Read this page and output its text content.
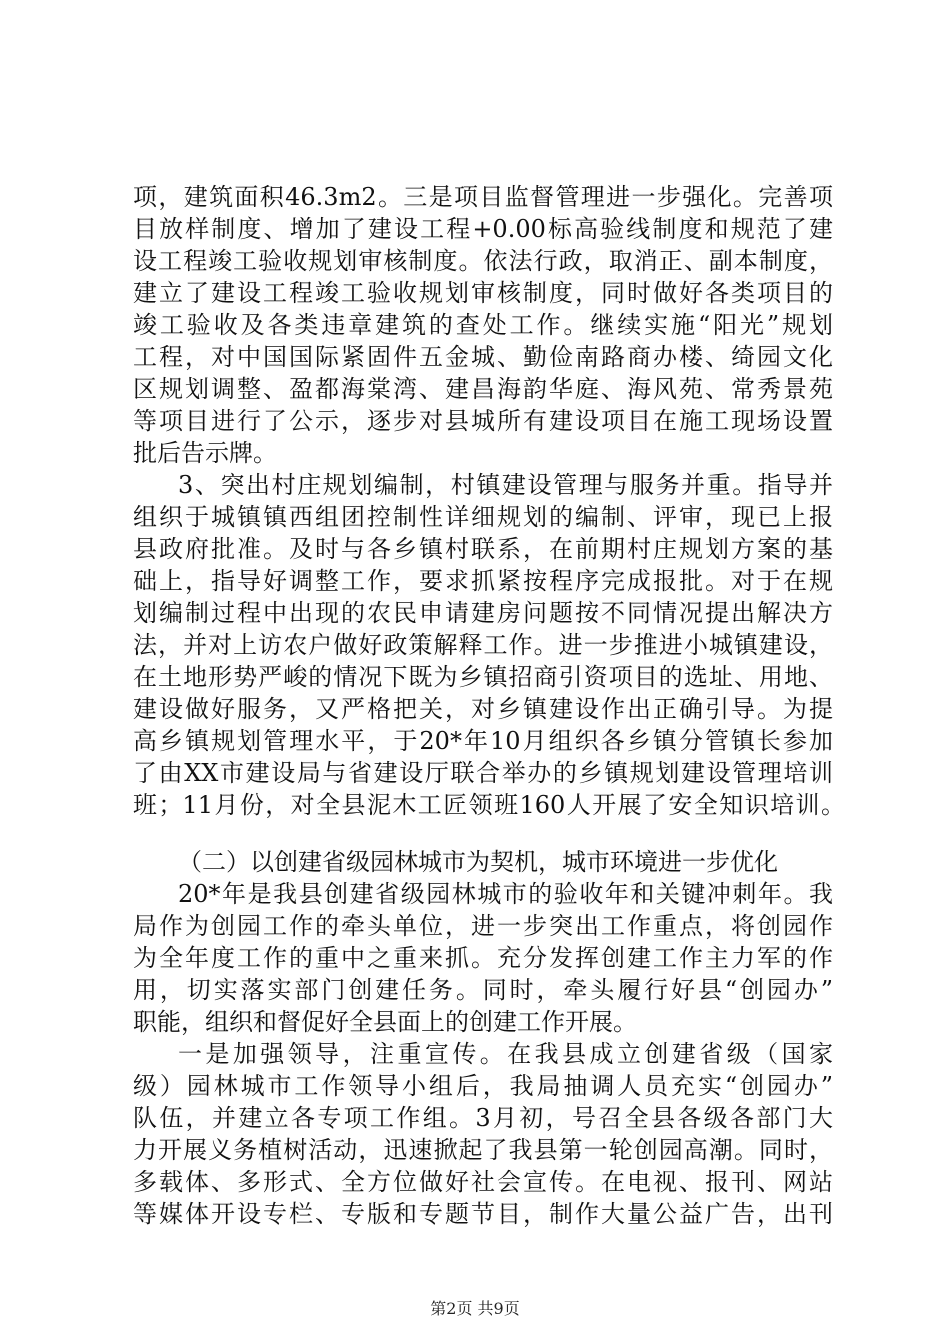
项，建筑面积46.3m2。三是项目监督管理进一步强化。完善项
目放样制度、增加了建设工程+0.00标高验线制度和规范了建
设工程竣工验收规划审核制度。依法行政，取消正、副本制度，
建立了建设工程竣工验收规划审核制度，同时做好各类项目的
竣工验收及各类违章建筑的查处工作。继续实施“阳光”规划
工程，对中国国际紧固件五金城、勤俭南路商办楼、绮园文化
区规划调整、盈都海棠湾、建昌海韵华庭、海风苑、常秀景苑
等项目进行了公示，逐步对县城所有建设项目在施工现场设置
批后告示牌。
3、突出村庄规划编制，村镇建设管理与服务并重。指导并
组织于城镇镇西组团控制性详细规划的编制、评审，现已上报
县政府批准。及时与各乡镇村联系，在前期村庄规划方案的基
础上，指导好调整工作，要求抓紧按程序完成报批。对于在规
划编制过程中出现的农民申请建房问题按不同情况提出解决方
法，并对上访农户做好政策解释工作。进一步推进小城镇建设，
在土地形势严峻的情况下既为乡镇招商引资项目的选址、用地、
建设做好服务，又严格把关，对乡镇建设作出正确引导。为提
高乡镇规划管理水平，于20*年10月组织各乡镇分管镇长参加
了由XX市建设局与省建设厅联合举办的乡镇规划建设管理培训
班；11月份，对全县泥木工匠领班160人开展了安全知识培训。
（二）以创建省级园林城市为契机，城市环境进一步优化
20*年是我县创建省级园林城市的验收年和关键冲刺年。我
局作为创园工作的牵头单位，进一步突出工作重点，将创园作
为全年度工作的重中之重来抓。充分发挥创建工作主力军的作
用，切实落实部门创建任务。同时，牵头履行好县“创园办”
职能，组织和督促好全县面上的创建工作开展。
一是加强领导，注重宣传。在我县成立创建省级（国家
级）园林城市工作领导小组后，我局抽调人员充实“创园办”
队伍，并建立各专项工作组。3月初，号召全县各级各部门大
力开展义务植树活动，迅速掀起了我县第一轮创园高潮。同时，
多载体、多形式、全方位做好社会宣传。在电视、报刊、网站
等媒体开设专栏、专版和专题节目，制作大量公益广告，出刊
第2页 共9页
